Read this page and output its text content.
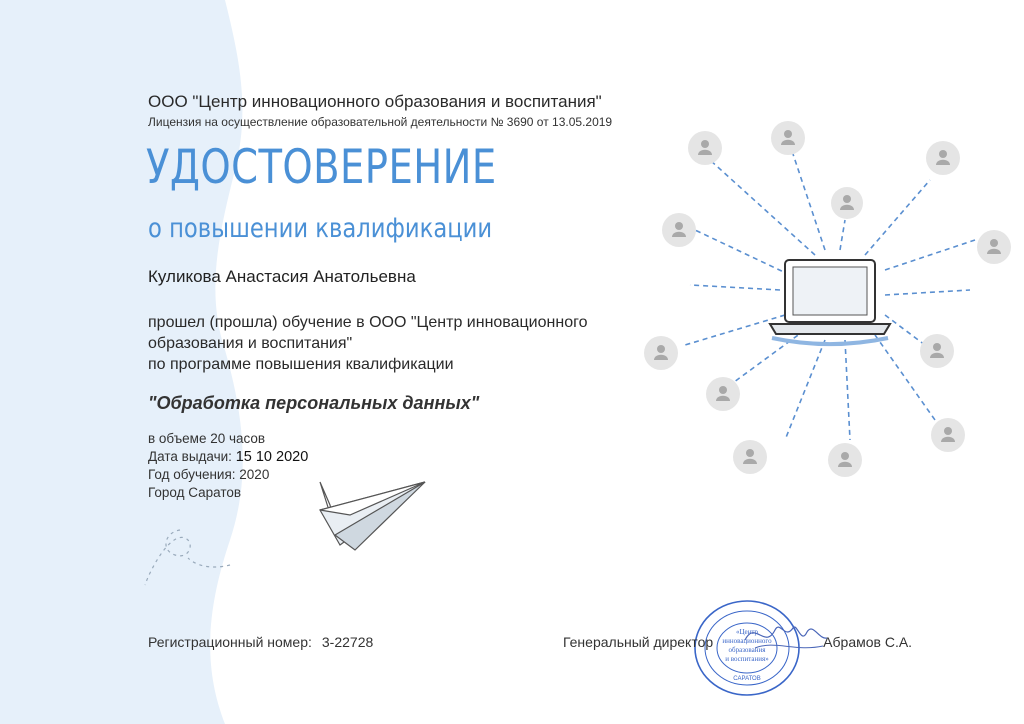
ООО "Центр инновационного образования и воспитания"
Лицензия на осуществление образовательной деятельности № 3690 от 13.05.2019
УДОСТОВЕРЕНИЕ
о повышении квалификации
Куликова Анастасия Анатольевна
прошел (прошла) обучение в ООО "Центр инновационного
образования и воспитания"
по программе повышения квалификации
"Обработка персональных данных"
в объеме 20 часов
Дата выдачи: 15 10 2020
Год обучения: 2020
Город Саратов
Регистрационный номер: 3-22728
«Центр
инновационного
образования
и воспитания»
САРАТОВ
Генеральный директор	Абрамов С.А.
